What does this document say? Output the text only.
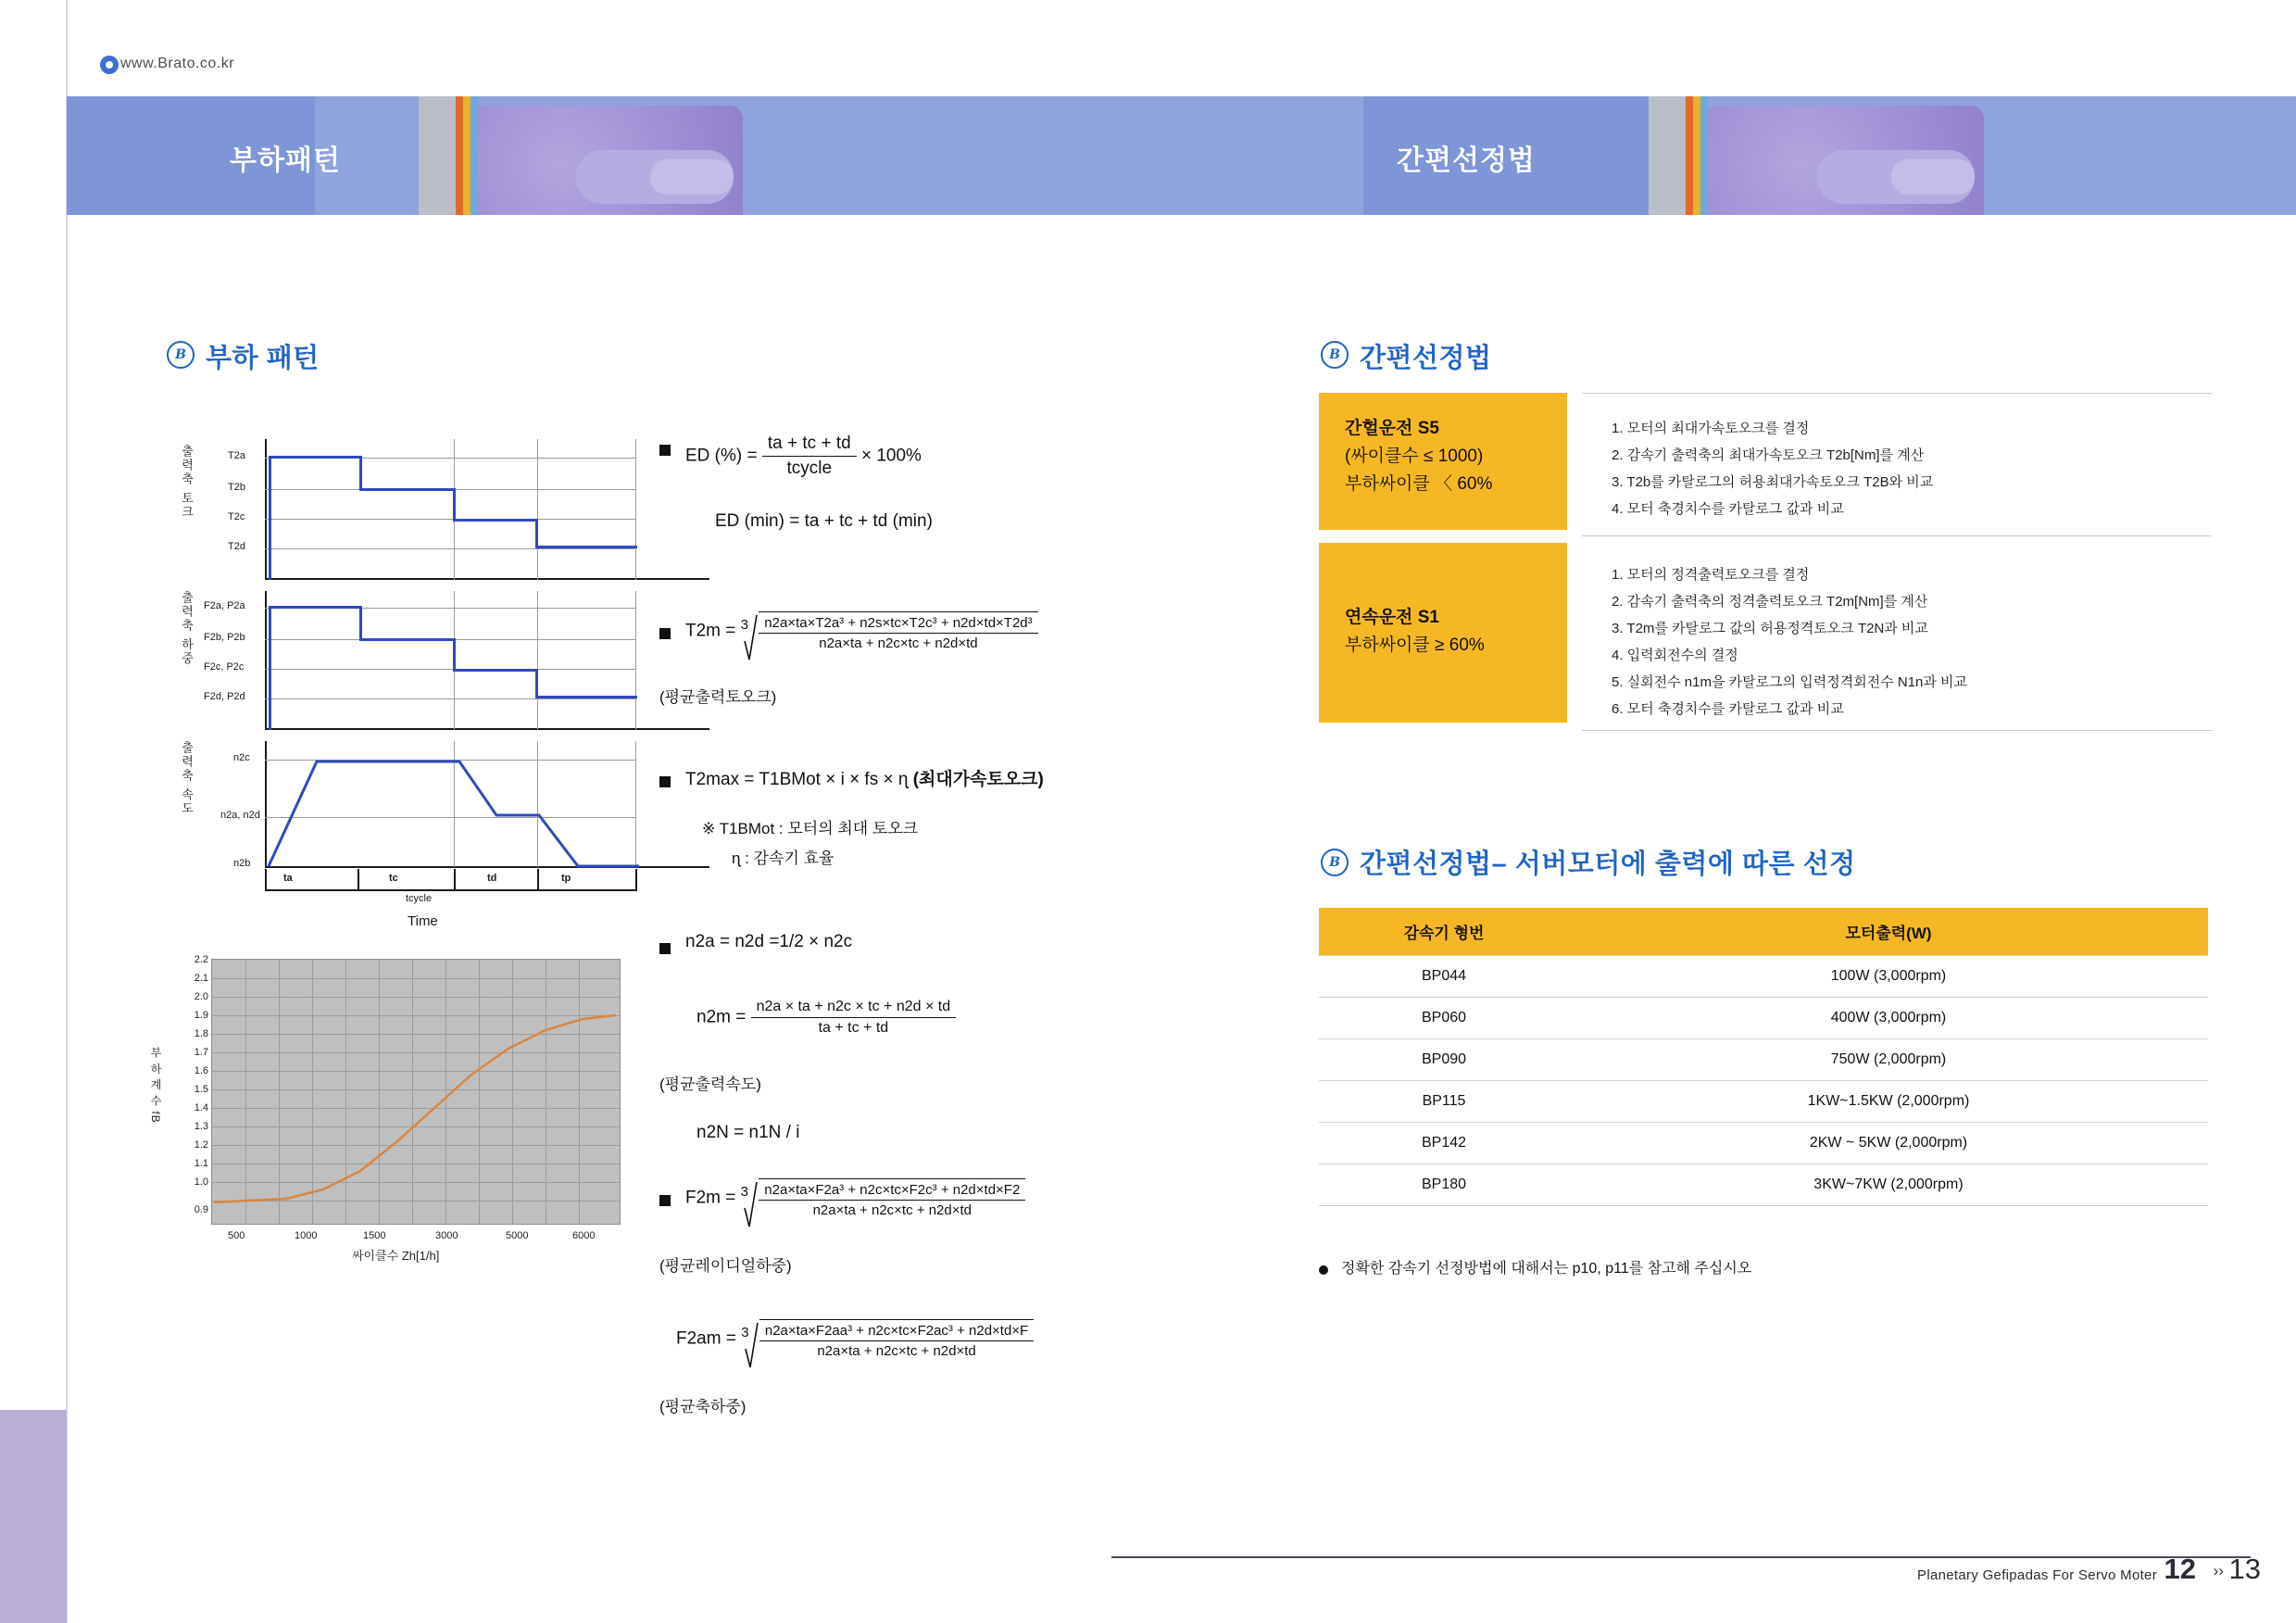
www.Brato.co.kr
부하패턴	간편선정법
Brato
B 부하 패턴
출력축 토크
출력축 하중
출력축 속도
T2a
T2b
T2c
T2d
F2a, P2a
F2b, P2b
F2c, P2c
F2d, P2d
n2c
n2a, n2d
n2b
ta	tc	td	tp
tcycle
Time
부 하 계 수 fB
2.2
2.1
2.0
1.9
1.8
1.7
1.6
1.5
1.4
1.3
1.2
1.1
1.0
0.9
500	1000	1500	3000	5000	6000
싸이클수 Zh[1/h]
ED (%) = $\frac{ta + tc + td}{\text{tcycle}} \times 100\%$
ED (min) = ta + tc + td (min)
$T2m = ^3 \frac{\text{n2a×ta×T2a³ + n2s×tc×T2c³ + n2d×td×T2d³}}{n2a\times ta + n2c\times tc + n2d\times td}$
(평균출력토오크)
T2max = T1BMot × i × fs × ɳ (최대가속토오크)
※ T1BMot : 모터의 최대 토오크
ɳ : 감속기 효율
n2a = n2d =1/2 × n2c
$n2m = \frac{n2a \times ta + n2c \times tc + n2d \times td}{ta + tc + td}$
(평균출력속도)
n2N = n1N / i
$F2m = ^3 \frac{\text{n2a×ta×F2a³ + n2c×tc×F2c³ + n2d×td×F2}}{n2a\times ta + n2c\times tc + n2d\times td}$
(평균레이디얼하중)
$F2am = ^3 \frac{\text{n2a×ta×F2aa³ + n2c×tc×F2ac³ + n2d×td×F}}{n2a\times ta + n2c\times tc + n2d\times td}$
(평균축하중)
B 간편선정법
간헐운전 S5
(싸이클수 ≤ 1000)
부하싸이클 〈 60%
1. 모터의 최대가속토오크를 결정
2. 감속기 출력축의 최대가속토오크 T2b[Nm]를 계산
3. T2b를 카탈로그의 허용최대가속토오크 T2B와 비교
4. 모터 축경치수를 카탈로그 값과 비교
연속운전 S1
부하싸이클 ≥ 60%
1. 모터의 정격출력토오크를 결정
2. 감속기 출력축의 정격출력토오크 T2m[Nm]를 계산
3. T2m를 카탈로그 값의 허용정격토오크 T2N과 비교
4. 입력회전수의 결정
5. 실회전수 n1m을 카탈로그의 입력정격회전수 N1n과 비교
6. 모터 축경치수를 카탈로그 값과 비교
B 간편선정법– 서버모터에 출력에 따른 선정
감속기 형번	모터출력(W)
BP044	100W (3,000rpm)
BP060	400W (3,000rpm)
BP090	750W (2,000rpm)
BP115	1KW~1.5KW (2,000rpm)
BP142	2KW ~ 5KW (2,000rpm)
BP180	3KW~7KW (2,000rpm)
정확한 감속기 선정방법에 대해서는 p10, p11를 참고해 주십시오
Planetary Gefipadas For Servo Moter 12 ›› 13
